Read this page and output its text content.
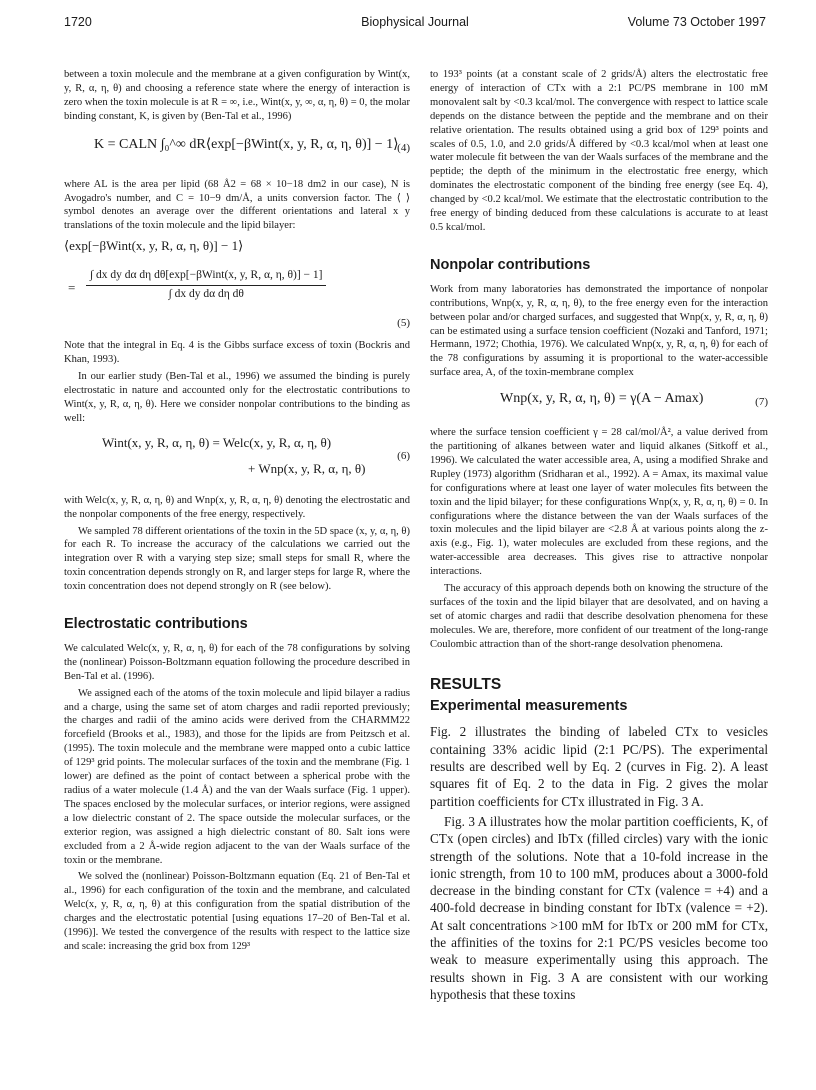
1720	Biophysical Journal	Volume 73 October 1997

between a toxin molecule and the membrane at a given configuration by Wint(x, y, R, α, η, θ) and choosing a reference state where the energy of interaction is zero when the toxin molecule is at R = ∞, i.e., Wint(x, y, ∞, α, η, θ) = 0, the molar binding constant, K, is given by (Ben-Tal et al., 1996)

K = CALN ∫₀^∞ dR⟨exp[−βWint(x, y, R, α, η, θ)] − 1⟩
(4)

where AL is the area per lipid (68 Å2 = 68 × 10−18 dm2 in our case), N is Avogadro's number, and C = 10−9 dm/Å, a units conversion factor. The ⟨ ⟩ symbol denotes an average over the different orientations and lateral x y translations of the toxin molecule and the lipid bilayer:

⟨exp[−βWint(x, y, R, α, η, θ)] − 1⟩
=
∫ dx dy dα dη dθ[exp[−βWint(x, y, R, α, η, θ)] − 1]
∫ dx dy dα dη dθ
(5)

Note that the integral in Eq. 4 is the Gibbs surface excess of toxin (Bockris and Khan, 1993).

In our earlier study (Ben-Tal et al., 1996) we assumed the binding is purely electrostatic in nature and accounted only for the electrostatic contributions to Wint(x, y, R, α, η, θ). Here we consider nonpolar contributions to the binding as well:

Wint(x, y, R, α, η, θ) = Welc(x, y, R, α, η, θ)
+ Wnp(x, y, R, α, η, θ)
(6)

with Welc(x, y, R, α, η, θ) and Wnp(x, y, R, α, η, θ) denoting the electrostatic and the nonpolar components of the free energy, respectively.

We sampled 78 different orientations of the toxin in the 5D space (x, y, α, η, θ) for each R. To increase the accuracy of the calculations we carried out the integration over R with a varying step size; small steps for small R, where the toxin concentration depends strongly on R, and larger steps for large R, where the toxin concentration does not depend strongly on R (see below).

Electrostatic contributions

We calculated Welc(x, y, R, α, η, θ) for each of the 78 configurations by solving the (nonlinear) Poisson-Boltzmann equation following the procedure described in Ben-Tal et al. (1996).

We assigned each of the atoms of the toxin molecule and lipid bilayer a radius and a charge, using the same set of atom charges and radii reported previously; the charges and radii of the amino acids were derived from the CHARMM22 forcefield (Brooks et al., 1983), and those for the lipids are from Peitzsch et al. (1995). The toxin molecule and the membrane were mapped onto a cubic lattice of 129³ grid points. The molecular surfaces of the toxin and the membrane (Fig. 1 lower) are defined as the point of contact between a spherical probe with the radius of a water molecule (1.4 Å) and the van der Waals surface (Fig. 1 upper). The spaces enclosed by the molecular surfaces, or interior regions, were assigned a low dielectric constant of 2. The space outside the molecular surfaces, or the exterior region, was assigned a high dielectric constant of 80. Salt ions were excluded from a 2 Å-wide region adjacent to the van der Waals surface of the toxin or the membrane.

We solved the (nonlinear) Poisson-Boltzmann equation (Eq. 21 of Ben-Tal et al., 1996) for each configuration of the toxin and the membrane, and calculated Welc(x, y, R, α, η, θ) at this configuration from the spatial distribution of the charges and the electrostatic potential [using equations 17–20 of Ben-Tal et al. (1996)]. We tested the convergence of the results with respect to the lattice size and scale: increasing the grid box from 129³

to 193³ points (at a constant scale of 2 grids/Å) alters the electrostatic free energy of interaction of CTx with a 2:1 PC/PS membrane in 100 mM monovalent salt by <0.3 kcal/mol. The convergence with respect to lattice scale depends on the distance between the peptide and the membrane and on their relative orientation. The results obtained using a grid box of 129³ points and scales of 0.5, 1.0, and 2.0 grids/Å differed by <0.3 kcal/mol when at least one water molecule fit between the van der Waals surfaces of the membrane and the peptide; the depth of the minimum in the electrostatic free energy, which dominates the electrostatic component of the binding free energy (see Eq. 4), changed by <0.2 kcal/mol. We estimate that the electrostatic contribution to the free energy of binding deduced from these calculations is accurate to at least 0.5 kcal/mol.

Nonpolar contributions

Work from many laboratories has demonstrated the importance of nonpolar contributions, Wnp(x, y, R, α, η, θ), to the free energy even for the interaction between polar and/or charged surfaces, and suggested that Wnp(x, y, R, α, η, θ) can be estimated using a surface tension coefficient (Nozaki and Tanford, 1971; Hermann, 1972; Chothia, 1976). We calculated Wnp(x, y, R, α, η, θ) for each of the 78 configurations by assuming it is proportional to the water-accessible surface area, A, of the toxin-membrane complex

Wnp(x, y, R, α, η, θ) = γ(A − Amax)	(7)

where the surface tension coefficient γ = 28 cal/mol/Å², a value derived from the partitioning of alkanes between water and liquid alkanes (Sitkoff et al., 1996). We calculated the water accessible area, A, using a modified Shrake and Rupley (1973) algorithm (Sridharan et al., 1992). A = Amax, its maximal value for configurations where at least one layer of water molecules fits between the toxin and the lipid bilayer; for these configurations Wnp(x, y, R, α, η, θ) = 0. In configurations where the distance between the van der Waals surfaces of the toxin molecules and the lipid bilayer are <2.8 Å at various points along the z-axis (e.g., Fig. 1), water molecules are excluded from these regions, and the water-accessible area decreases. This gives rise to attractive nonpolar interactions.

The accuracy of this approach depends both on knowing the structure of the surfaces of the toxin and the lipid bilayer that are desolvated, and on having a set of atomic charges and radii that describe desolvation phenomena for these molecules. We are, therefore, more confident of our treatment of the long-range Coulombic attraction than of the short-range desolvation phenomena.

RESULTS
Experimental measurements

Fig. 2 illustrates the binding of labeled CTx to vesicles containing 33% acidic lipid (2:1 PC/PS). The experimental results are described well by Eq. 2 (curves in Fig. 2). A least squares fit of Eq. 2 to the data in Fig. 2 gives the molar partition coefficients for CTx illustrated in Fig. 3 A.

Fig. 3 A illustrates how the molar partition coefficients, K, of CTx (open circles) and IbTx (filled circles) vary with the ionic strength of the solutions. Note that a 10-fold increase in the ionic strength, from 10 to 100 mM, produces about a 3000-fold decrease in the binding constant for CTx (valence = +4) and a 400-fold decrease in binding constant for IbTx (valence = +2). At salt concentrations >100 mM for IbTx or 200 mM for CTx, the affinities of the toxins for 2:1 PC/PS vesicles become too weak to measure experimentally using this approach. The results shown in Fig. 3 A are consistent with our working hypothesis that these toxins
